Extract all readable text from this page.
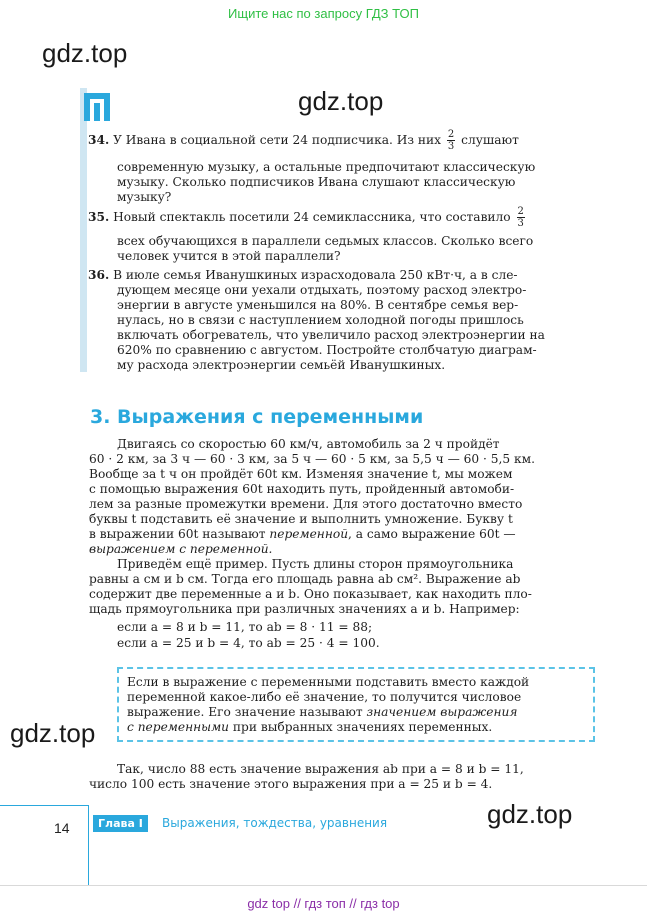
Ищите нас по запросу ГДЗ ТОП
gdz.top
gdz.top
gdz.top
gdz.top
34. У Ивана в социальной сети 24 подписчика. Из них $\frac{2}{3}$ слушают
современную музыку, а остальные предпочитают классическую
музыку. Сколько подписчиков Ивана слушают классическую
музыку?
35. Новый спектакль посетили 24 семиклассника, что составило $\frac{2}{3}$
всех обучающихся в параллели седьмых классов. Сколько всего
человек учится в этой параллели?
36. В июле семья Иванушкиных израсходовала 250 кВт·ч, а в сле-
дующем месяце они уехали отдыхать, поэтому расход электро-
энергии в августе уменьшился на 80%. В сентябре семья вер-
нулась, но в связи с наступлением холодной погоды пришлось
включать обогреватель, что увеличило расход электроэнергии на
620% по сравнению с августом. Постройте столбчатую диаграм-
му расхода электроэнергии семьёй Иванушкиных.
3. Выражения с переменными
Двигаясь со скоростью 60 км/ч, автомобиль за 2 ч пройдёт
60 · 2 км, за 3 ч — 60 · 3 км, за 5 ч — 60 · 5 км, за 5,5 ч — 60 · 5,5 км.
Вообще за t ч он пройдёт 60t км. Изменяя значение t, мы можем
с помощью выражения 60t находить путь, пройденный автомоби-
лем за разные промежутки времени. Для этого достаточно вместо
буквы t подставить её значение и выполнить умножение. Букву t
в выражении 60t называют переменной, а само выражение 60t —
выражением с переменной.
Приведём ещё пример. Пусть длины сторон прямоугольника
равны a см и b см. Тогда его площадь равна ab см². Выражение ab
содержит две переменные a и b. Оно показывает, как находить пло-
щадь прямоугольника при различных значениях a и b. Например:
если a = 8 и b = 11, то ab = 8 · 11 = 88;
если a = 25 и b = 4, то ab = 25 · 4 = 100.
Если в выражение с переменными подставить вместо каждой
переменной какое-либо её значение, то получится числовое
выражение. Его значение называют значением выражения
с переменными при выбранных значениях переменных.
Так, число 88 есть значение выражения ab при a = 8 и b = 11,
число 100 есть значение этого выражения при a = 25 и b = 4.
14	Глава I	Выражения, тождества, уравнения
gdz top // гдз топ // гдз top
